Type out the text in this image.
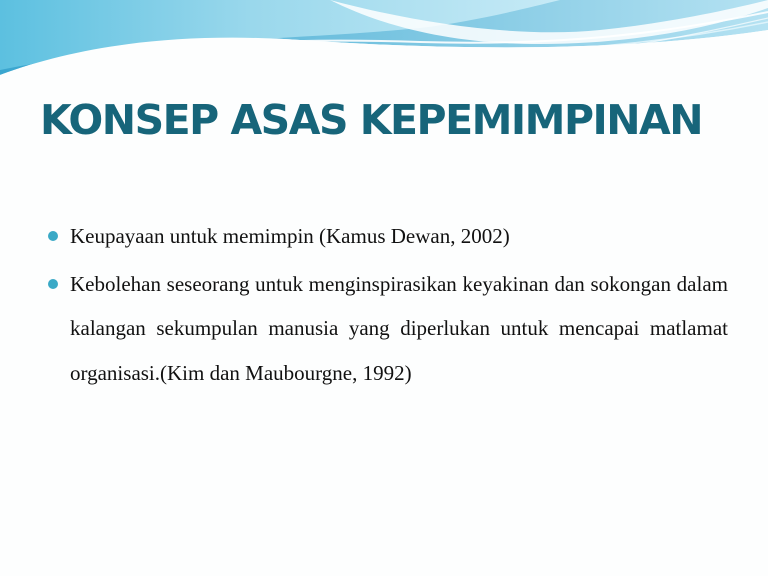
KONSEP ASAS KEPEMIMPINAN
Keupayaan untuk memimpin (Kamus Dewan, 2002)
Kebolehan seseorang untuk menginspirasikan keyakinan dan sokongan dalam kalangan sekumpulan manusia yang diperlukan untuk mencapai matlamat organisasi.(Kim dan Maubourgne, 1992)
